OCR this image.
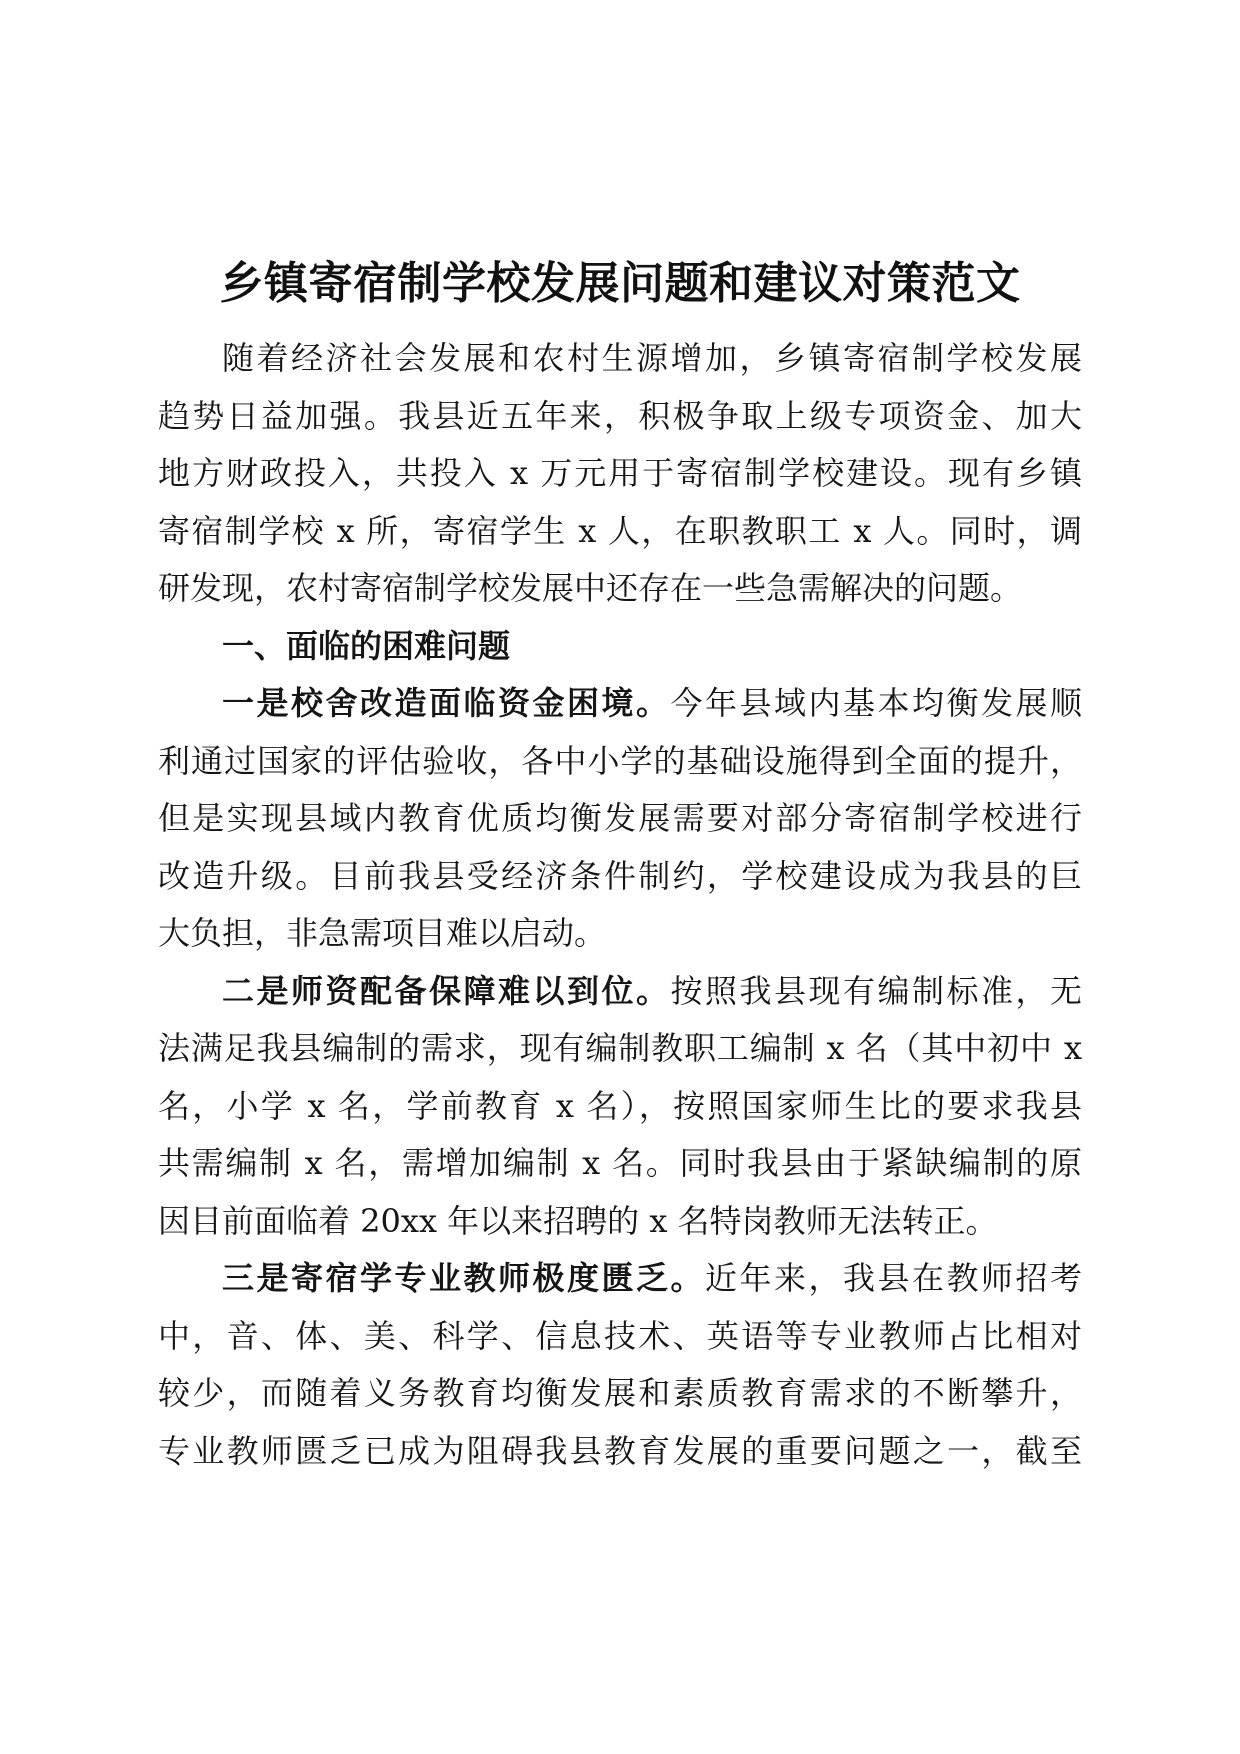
乡镇寄宿制学校发展问题和建议对策范文
随着经济社会发展和农村生源增加，乡镇寄宿制学校发展
趋势日益加强。我县近五年来，积极争取上级专项资金、加大
地方财政投入，共投入 x 万元用于寄宿制学校建设。现有乡镇
寄宿制学校 x 所，寄宿学生 x 人，在职教职工 x 人。同时，调
研发现，农村寄宿制学校发展中还存在一些急需解决的问题。
一、面临的困难问题
一是校舍改造面临资金困境。今年县域内基本均衡发展顺
利通过国家的评估验收，各中小学的基础设施得到全面的提升，
但是实现县域内教育优质均衡发展需要对部分寄宿制学校进行
改造升级。目前我县受经济条件制约，学校建设成为我县的巨
大负担，非急需项目难以启动。
二是师资配备保障难以到位。按照我县现有编制标准，无
法满足我县编制的需求，现有编制教职工编制 x 名（其中初中 x
名，小学 x 名，学前教育 x 名），按照国家师生比的要求我县
共需编制 x 名，需增加编制 x 名。同时我县由于紧缺编制的原
因目前面临着 20xx 年以来招聘的 x 名特岗教师无法转正。
三是寄宿学专业教师极度匮乏。近年来，我县在教师招考
中，音、体、美、科学、信息技术、英语等专业教师占比相对
较少，而随着义务教育均衡发展和素质教育需求的不断攀升，
专业教师匮乏已成为阻碍我县教育发展的重要问题之一，截至
